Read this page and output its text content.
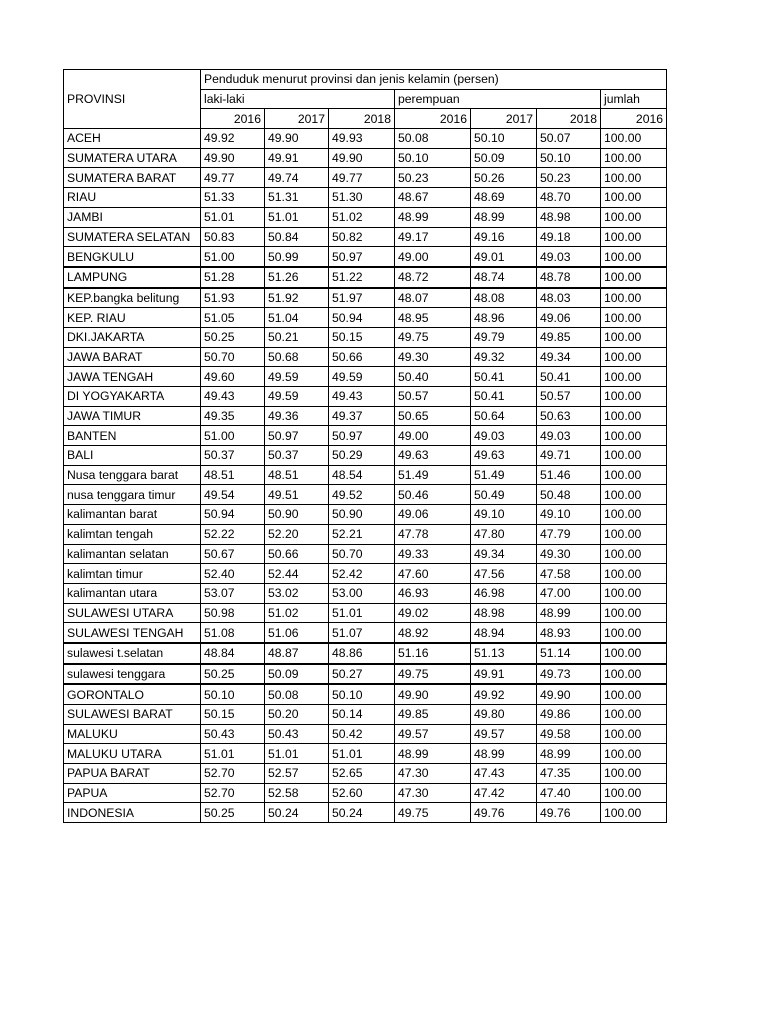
PROVINSI	Penduduk menurut provinsi dan jenis kelamin (persen)						
	laki-laki			perempuan			jumlah
	2016	2017	2018	2016	2017	2018	2016
ACEH	49.92	49.90	49.93	50.08	50.10	50.07	100.00
SUMATERA UTARA	49.90	49.91	49.90	50.10	50.09	50.10	100.00
SUMATERA BARAT	49.77	49.74	49.77	50.23	50.26	50.23	100.00
RIAU	51.33	51.31	51.30	48.67	48.69	48.70	100.00
JAMBI	51.01	51.01	51.02	48.99	48.99	48.98	100.00
SUMATERA SELATAN	50.83	50.84	50.82	49.17	49.16	49.18	100.00
BENGKULU	51.00	50.99	50.97	49.00	49.01	49.03	100.00
LAMPUNG	51.28	51.26	51.22	48.72	48.74	48.78	100.00
KEP.bangka belitung	51.93	51.92	51.97	48.07	48.08	48.03	100.00
KEP. RIAU	51.05	51.04	50.94	48.95	48.96	49.06	100.00
DKI.JAKARTA	50.25	50.21	50.15	49.75	49.79	49.85	100.00
JAWA BARAT	50.70	50.68	50.66	49.30	49.32	49.34	100.00
JAWA TENGAH	49.60	49.59	49.59	50.40	50.41	50.41	100.00
DI YOGYAKARTA	49.43	49.59	49.43	50.57	50.41	50.57	100.00
JAWA TIMUR	49.35	49.36	49.37	50.65	50.64	50.63	100.00
BANTEN	51.00	50.97	50.97	49.00	49.03	49.03	100.00
BALI	50.37	50.37	50.29	49.63	49.63	49.71	100.00
Nusa tenggara barat	48.51	48.51	48.54	51.49	51.49	51.46	100.00
nusa tenggara timur	49.54	49.51	49.52	50.46	50.49	50.48	100.00
kalimantan barat	50.94	50.90	50.90	49.06	49.10	49.10	100.00
kalimtan tengah	52.22	52.20	52.21	47.78	47.80	47.79	100.00
kalimantan selatan	50.67	50.66	50.70	49.33	49.34	49.30	100.00
kalimtan timur	52.40	52.44	52.42	47.60	47.56	47.58	100.00
kalimantan utara	53.07	53.02	53.00	46.93	46.98	47.00	100.00
SULAWESI UTARA	50.98	51.02	51.01	49.02	48.98	48.99	100.00
SULAWESI TENGAH	51.08	51.06	51.07	48.92	48.94	48.93	100.00
sulawesi t.selatan	48.84	48.87	48.86	51.16	51.13	51.14	100.00
sulawesi tenggara	50.25	50.09	50.27	49.75	49.91	49.73	100.00
GORONTALO	50.10	50.08	50.10	49.90	49.92	49.90	100.00
SULAWESI BARAT	50.15	50.20	50.14	49.85	49.80	49.86	100.00
MALUKU	50.43	50.43	50.42	49.57	49.57	49.58	100.00
MALUKU UTARA	51.01	51.01	51.01	48.99	48.99	48.99	100.00
PAPUA BARAT	52.70	52.57	52.65	47.30	47.43	47.35	100.00
PAPUA	52.70	52.58	52.60	47.30	47.42	47.40	100.00
INDONESIA	50.25	50.24	50.24	49.75	49.76	49.76	100.00
